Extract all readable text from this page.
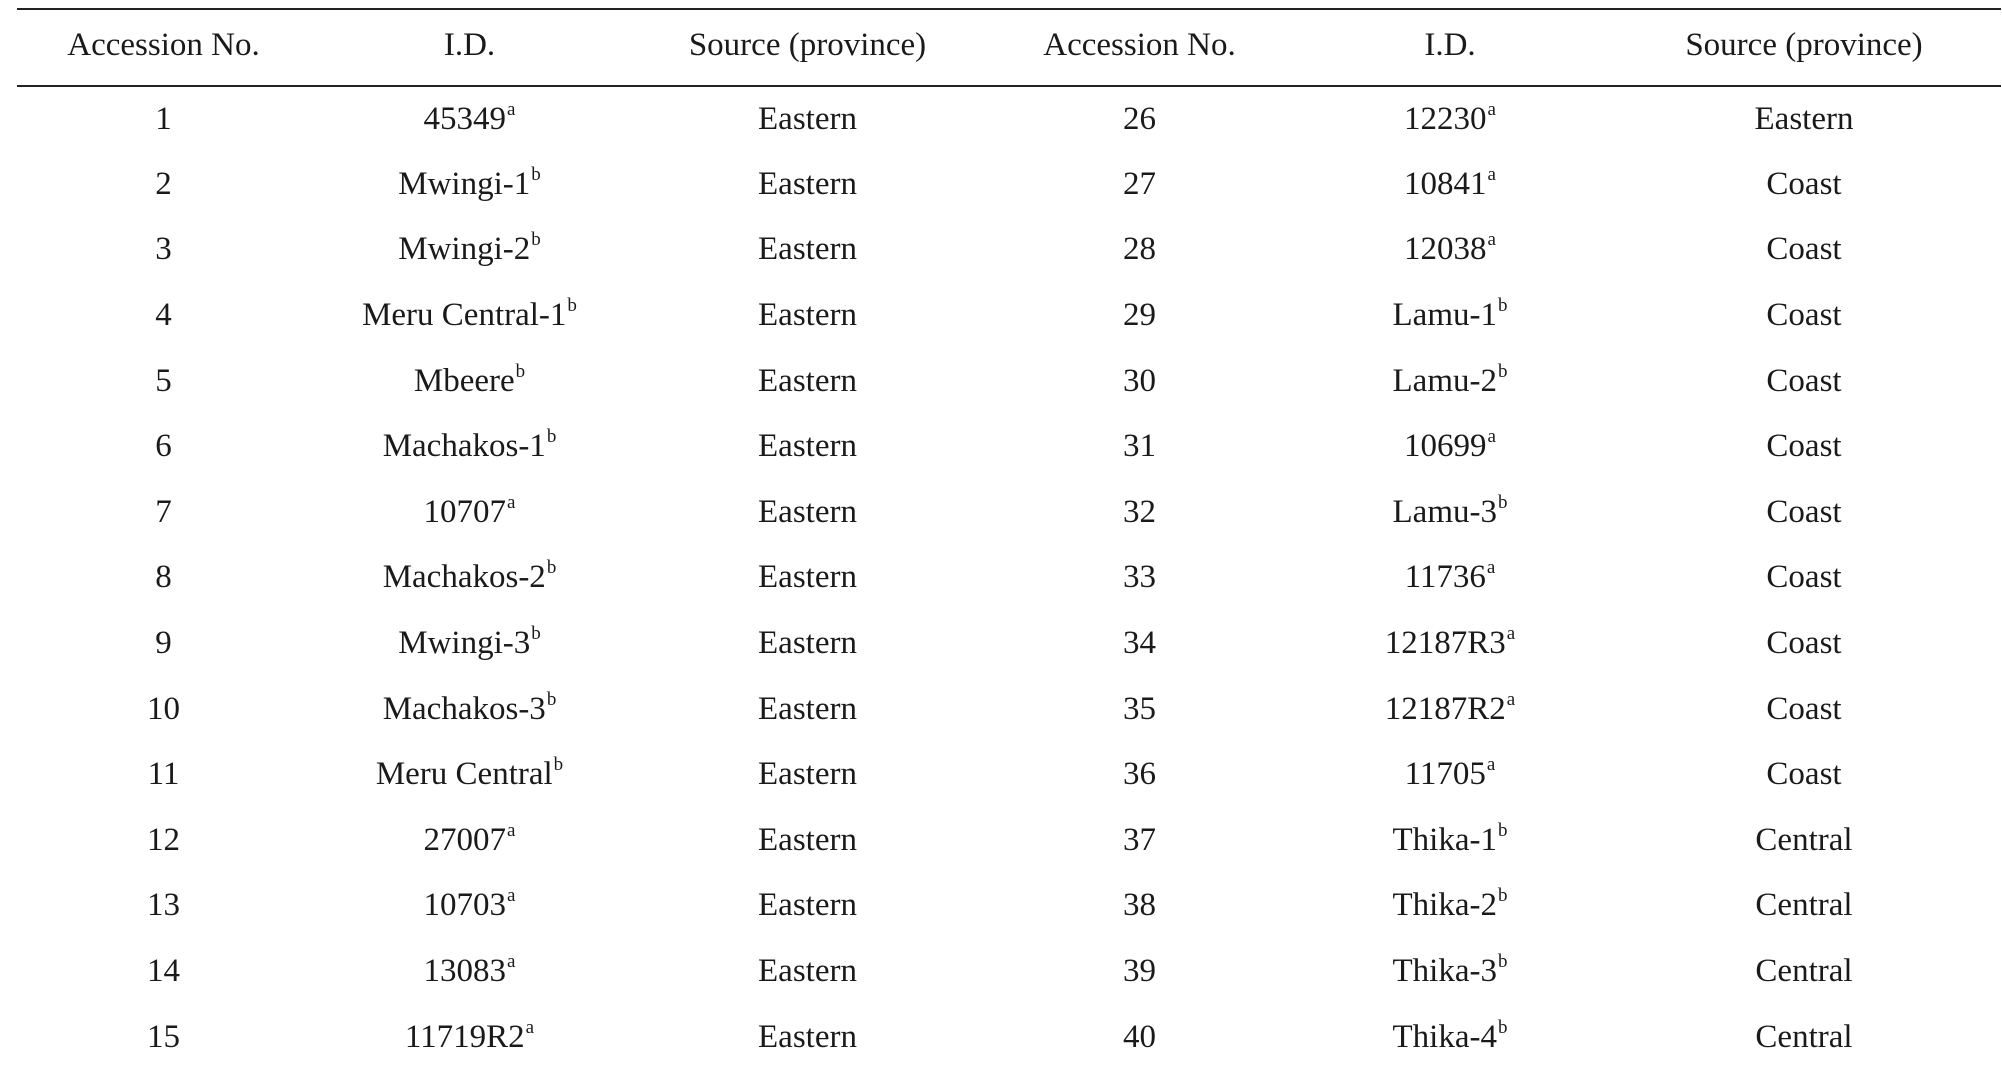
Accession No.	I.D.	Source (province)	Accession No.	I.D.	Source (province)
1	45349$^a$	Eastern	26	12230$^a$	Eastern
2	Mwingi-1$^b$	Eastern	27	10841$^a$	Coast
3	Mwingi-2$^b$	Eastern	28	12038$^a$	Coast
4	Meru Central-1$^b$	Eastern	29	Lamu-1$^b$	Coast
5	Mbeere$^b$	Eastern	30	Lamu-2$^b$	Coast
6	Machakos-1$^b$	Eastern	31	10699$^a$	Coast
7	10707$^a$	Eastern	32	Lamu-3$^b$	Coast
8	Machakos-2$^b$	Eastern	33	11736$^a$	Coast
9	Mwingi-3$^b$	Eastern	34	12187R3$^a$	Coast
10	Machakos-3$^b$	Eastern	35	12187R2$^a$	Coast
11	Meru Central$^b$	Eastern	36	11705$^a$	Coast
12	27007$^a$	Eastern	37	Thika-1$^b$	Central
13	10703$^a$	Eastern	38	Thika-2$^b$	Central
14	13083$^a$	Eastern	39	Thika-3$^b$	Central
15	11719R2$^a$	Eastern	40	Thika-4$^b$	Central
